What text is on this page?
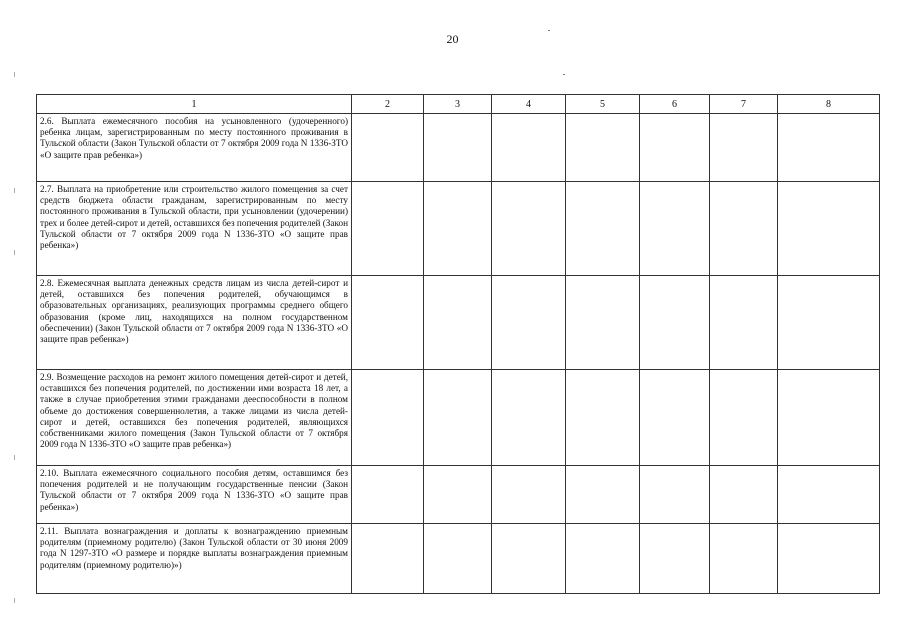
20
1	2	3	4	5	6	7	8

2.6. Выплата ежемесячного пособия на усыновленного (удочеренного) ребенка лицам, зарегистрированным по месту постоянного проживания в Тульской области (Закон Тульской области от 7 октября 2009 года N 1336-ЗТО «О защите прав ребенка»)							

2.7. Выплата на приобретение или строительство жилого помещения за счет средств бюджета области гражданам, зарегистрированным по месту постоянного проживания в Тульской области, при усыновлении (удочерении) трех и более детей-сирот и детей, оставшихся без попечения родителей (Закон Тульской области от 7 октября 2009 года N 1336-ЗТО «О защите прав ребенка»)							

2.8. Ежемесячная выплата денежных средств лицам из числа детей-сирот и детей, оставшихся без попечения родителей, обучающимся в образовательных организациях, реализующих программы среднего общего образования (кроме лиц, находящихся на полном государственном обеспечении) (Закон Тульской области от 7 октября 2009 года N 1336-ЗТО «О защите прав ребенка»)							

2.9. Возмещение расходов на ремонт жилого помещения детей-сирот и детей, оставшихся без попечения родителей, по достижении ими возраста 18 лет, а также в случае приобретения этими гражданами дееспособности в полном объеме до достижения совершеннолетия, а также лицами из числа детей-сирот и детей, оставшихся без попечения родителей, являющихся собственниками жилого помещения (Закон Тульской области от 7 октября 2009 года N 1336-ЗТО «О защите прав ребенка»)							

2.10. Выплата ежемесячного социального пособия детям, оставшимся без попечения родителей и не получающим государственные пенсии (Закон Тульской области от 7 октября 2009 года N 1336-ЗТО «О защите прав ребенка»)							

2.11. Выплата вознаграждения и доплаты к вознаграждению приемным родителям (приемному родителю) (Закон Тульской области от 30 июня 2009 года N 1297-ЗТО «О размере и порядке выплаты вознаграждения приемным родителям (приемному родителю)»)							
